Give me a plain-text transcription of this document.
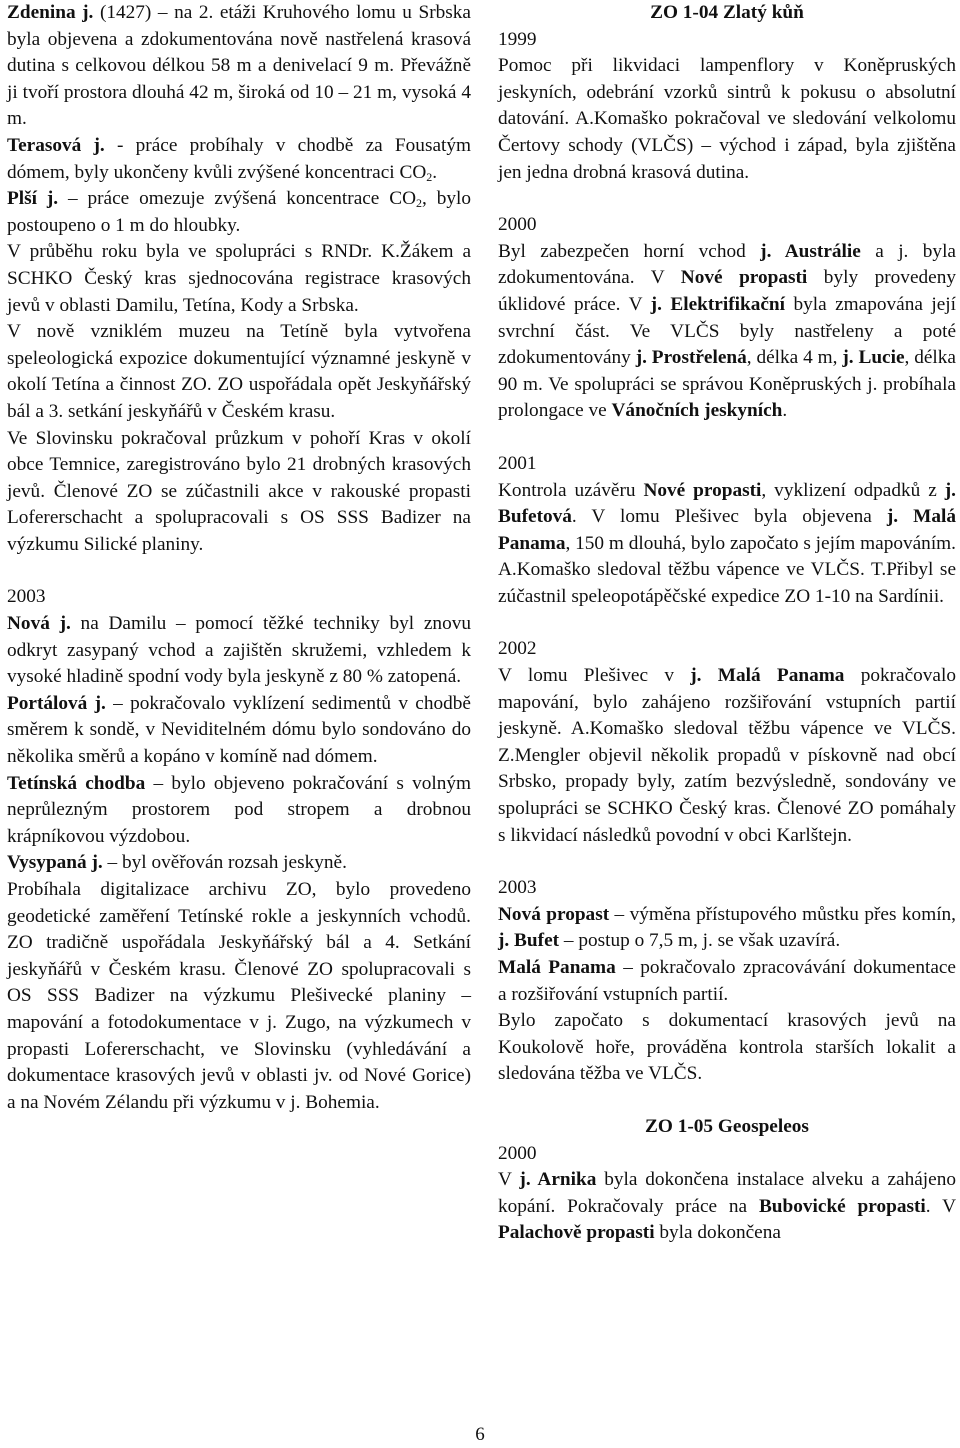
Zdenina j. (1427) – na 2. etáži Kruhového lomu u Srbska byla objevena a zdokumentována nově nastřelená krasová dutina s celkovou délkou 58 m a denivelací 9 m. Převážně ji tvoří prostora dlouhá 42 m, široká od 10 – 21 m, vysoká 4 m.

Terasová j. - práce probíhaly v chodbě za Fousatým dómem, byly ukončeny kvůli zvýšené koncentraci $CO_2$.

Plší j. – práce omezuje zvýšená koncentrace $CO_2$, bylo postoupeno o 1 m do hloubky.

V průběhu roku byla ve spolupráci s RNDr. K.Žákem a SCHKO Český kras sjednocována registrace krasových jevů v oblasti Damilu, Tetína, Kody a Srbska.

V nově vzniklém muzeu na Tetíně byla vytvořena speleologická expozice dokumentující významné jeskyně v okolí Tetína a činnost ZO. ZO uspořádala opět Jeskyňářský bál a 3. setkání jeskyňářů v Českém krasu.

Ve Slovinsku pokračoval průzkum v pohoří Kras v okolí obce Temnice, zaregistrováno bylo 21 drobných krasových jevů. Členové ZO se zúčastnili akce v rakouské propasti Lofererschacht a spolupracovali s OS SSS Badizer na výzkumu Silické planiny.

2003

Nová j. na Damilu – pomocí těžké techniky byl znovu odkryt zasypaný vchod a zajištěn skružemi, vzhledem k vysoké hladině spodní vody byla jeskyně z 80 % zatopená.

Portálová j. – pokračovalo vyklízení sedimentů v chodbě směrem k sondě, v Neviditelném dómu bylo sondováno do několika směrů a kopáno v komíně nad dómem.

Tetínská chodba – bylo objeveno pokračování s volným neprůlezným prostorem pod stropem a drobnou krápníkovou výzdobou.

Vysypaná j. – byl ověřován rozsah jeskyně.

Probíhala digitalizace archivu ZO, bylo provedeno geodetické zaměření Tetínské rokle a jeskynních vchodů. ZO tradičně uspořádala Jeskyňářský bál a 4. Setkání jeskyňářů v Českém krasu. Členové ZO spolupracovali s OS SSS Badizer na výzkumu Plešivecké planiny – mapování a fotodokumentace v j. Zugo, na výzkumech v propasti Lofererschacht, ve Slovinsku (vyhledávání a dokumentace krasových jevů v oblasti jv. od Nové Gorice) a na Novém Zélandu při výzkumu v j. Bohemia.

ZO 1-04 Zlatý kůň

1999

Pomoc při likvidaci lampenflory v Koněpruských jeskyních, odebrání vzorků sintrů k pokusu o absolutní datování. A.Komaško pokračoval ve sledování velkolomu Čertovy schody (VLČS) – východ i západ, byla zjištěna jen jedna drobná krasová dutina.

2000

Byl zabezpečen horní vchod j. Austrálie a j. byla zdokumentována. V Nové propasti byly provedeny úklidové práce. V j. Elektrifikační byla zmapována její svrchní část. Ve VLČS byly nastřeleny a poté zdokumentovány j. Prostřelená, délka 4 m, j. Lucie, délka 90 m. Ve spolupráci se správou Koněpruských j. probíhala prolongace ve Vánočních jeskyních.

2001

Kontrola uzávěru Nové propasti, vyklizení odpadků z j. Bufetová. V lomu Plešivec byla objevena j. Malá Panama, 150 m dlouhá, bylo započato s jejím mapováním. A.Komaško sledoval těžbu vápence ve VLČS. T.Přibyl se zúčastnil speleopotápěčské expedice ZO 1-10 na Sardínii.

2002

V lomu Plešivec v j. Malá Panama pokračovalo mapování, bylo zahájeno rozšiřování vstupních partií jeskyně. A.Komaško sledoval těžbu vápence ve VLČS. Z.Mengler objevil několik propadů v pískovně nad obcí Srbsko, propady byly, zatím bezvýsledně, sondovány ve spolupráci se SCHKO Český kras. Členové ZO pomáhaly s likvidací následků povodní v obci Karlštejn.

2003

Nová propast – výměna přístupového můstku přes komín, j. Bufet – postup o 7,5 m, j. se však uzavírá.

Malá Panama – pokračovalo zpracovávání dokumentace a rozšiřování vstupních partií.

Bylo započato s dokumentací krasových jevů na Koukolově hoře, prováděna kontrola starších lokalit a sledována těžba ve VLČS.

ZO 1-05 Geospeleos

2000

V j. Arnika byla dokončena instalace alveku a zahájeno kopání. Pokračovaly práce na Bubovické propasti. V Palachově propasti byla dokončena

6
